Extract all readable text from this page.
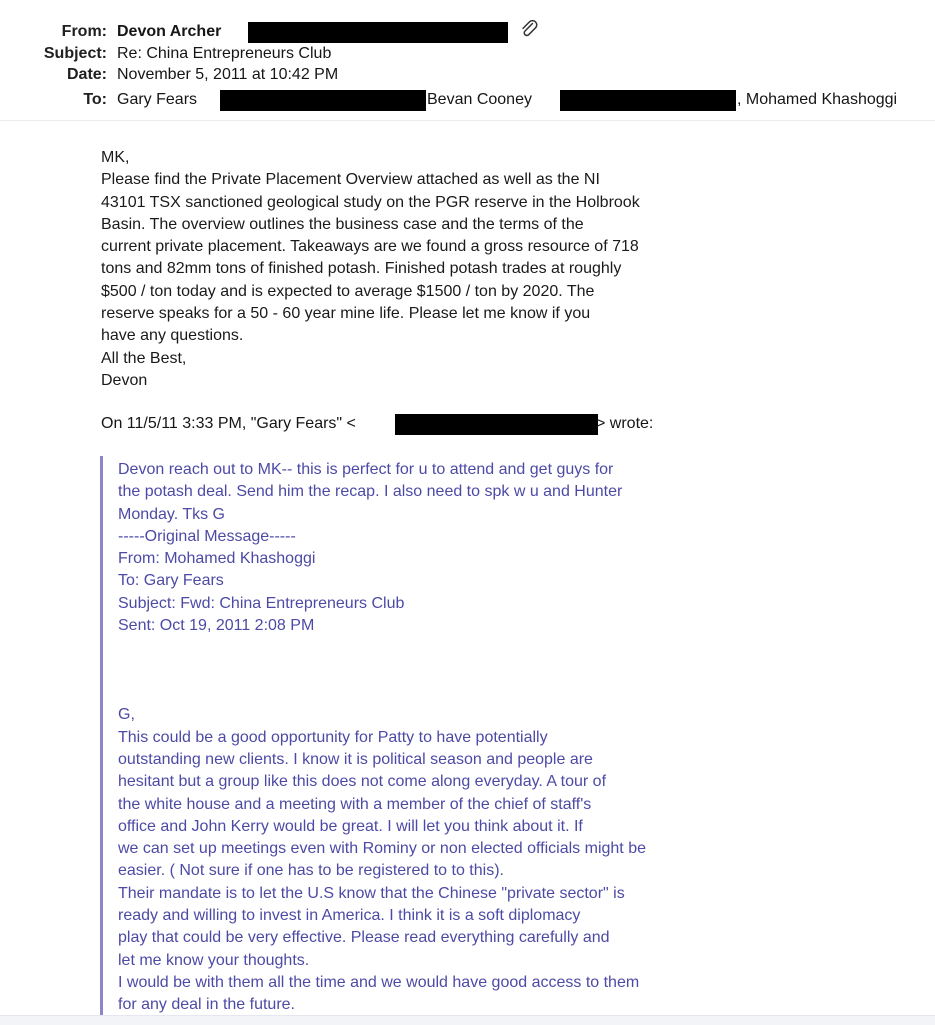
From: Devon Archer
Subject: Re: China Entrepreneurs Club
Date: November 5, 2011 at 10:42 PM
To: Gary Fears	Bevan Cooney	, Mohamed Khashoggi
MK,
Please find the Private Placement Overview attached as well as the NI
43101 TSX sanctioned geological study on the PGR reserve in the Holbrook
Basin. The overview outlines the business case and the terms of the
current private placement. Takeaways are we found a gross resource of 718
tons and 82mm tons of finished potash. Finished potash trades at roughly
$500 / ton today and is expected to average $1500 / ton by 2020. The
reserve speaks for a 50 - 60 year mine life. Please let me know if you
have any questions.
All the Best,
Devon
On 11/5/11 3:33 PM, "Gary Fears" <	> wrote:
Devon reach out to MK-- this is perfect for u to attend and get guys for
the potash deal. Send him the recap. I also need to spk w u and Hunter
Monday. Tks G
-----Original Message-----
From: Mohamed Khashoggi
To: Gary Fears
Subject: Fwd: China Entrepreneurs Club
Sent: Oct 19, 2011 2:08 PM
G,
This could be a good opportunity for Patty to have potentially
outstanding new clients. I know it is political season and people are
hesitant but a group like this does not come along everyday. A tour of
the white house and a meeting with a member of the chief of staff's
office and John Kerry would be great. I will let you think about it. If
we can set up meetings even with Rominy or non elected officials might be
easier. ( Not sure if one has to be registered to to this).
Their mandate is to let the U.S know that the Chinese "private sector" is
ready and willing to invest in America. I think it is a soft diplomacy
play that could be very effective. Please read everything carefully and
let me know your thoughts.
I would be with them all the time and we would have good access to them
for any deal in the future.
